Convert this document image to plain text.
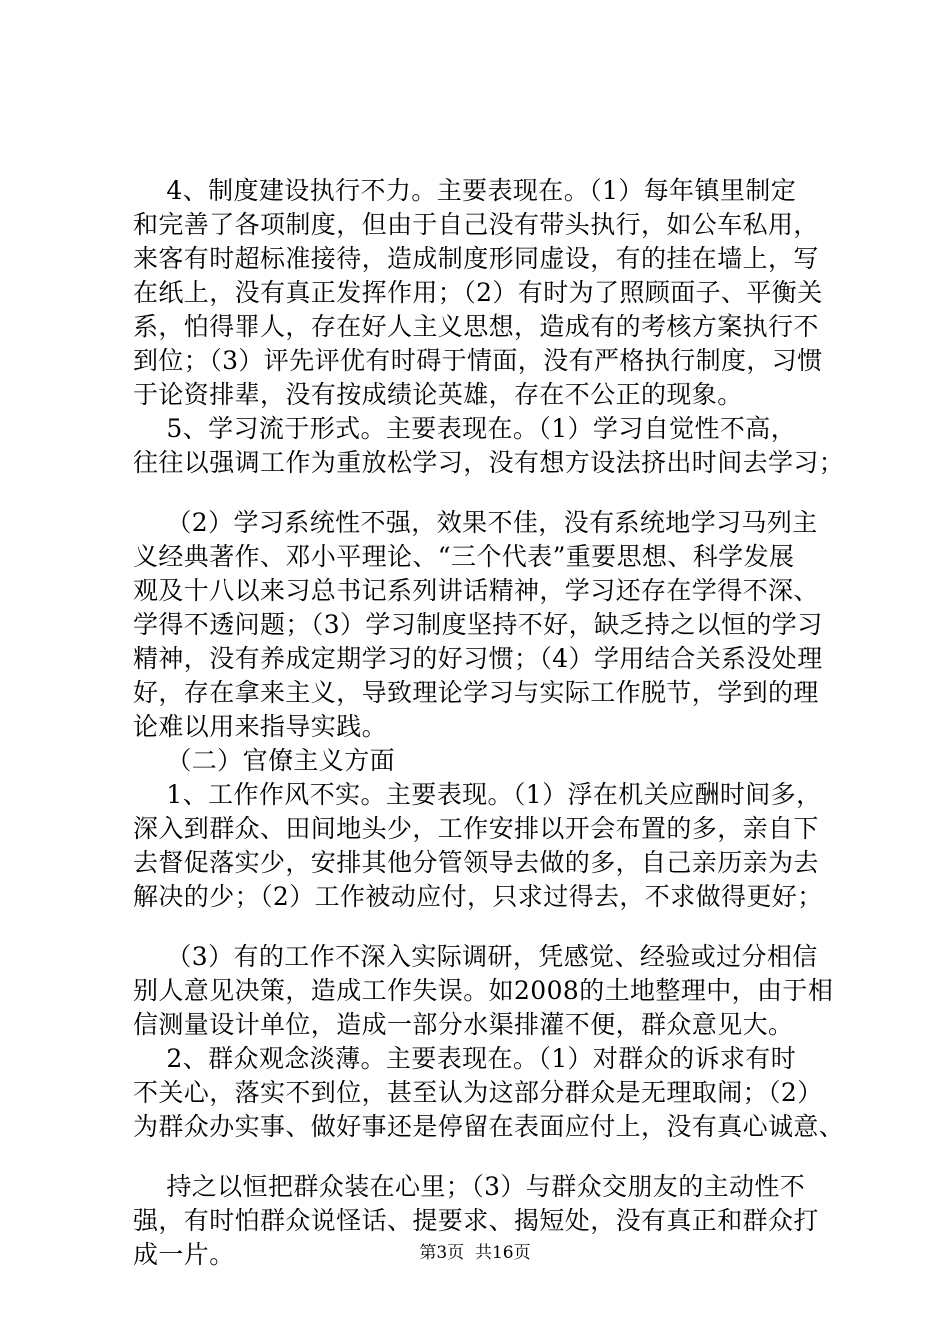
4、制度建设执行不力。主要表现在。（1）每年镇里制定
和完善了各项制度，但由于自己没有带头执行，如公车私用，
来客有时超标准接待，造成制度形同虚设，有的挂在墙上，写
在纸上，没有真正发挥作用；（2）有时为了照顾面子、平衡关
系，怕得罪人，存在好人主义思想，造成有的考核方案执行不
到位；（3）评先评优有时碍于情面，没有严格执行制度，习惯
于论资排辈，没有按成绩论英雄，存在不公正的现象。
5、学习流于形式。主要表现在。（1）学习自觉性不高，
往往以强调工作为重放松学习，没有想方设法挤出时间去学习；
（2）学习系统性不强，效果不佳，没有系统地学习马列主
义经典著作、邓小平理论、“三个代表”重要思想、科学发展
观及十八以来习总书记系列讲话精神，学习还存在学得不深、
学得不透问题；（3）学习制度坚持不好，缺乏持之以恒的学习
精神，没有养成定期学习的好习惯；（4）学用结合关系没处理
好，存在拿来主义，导致理论学习与实际工作脱节，学到的理
论难以用来指导实践。
（二）官僚主义方面
1、工作作风不实。主要表现。（1）浮在机关应酬时间多，
深入到群众、田间地头少，工作安排以开会布置的多，亲自下
去督促落实少，安排其他分管领导去做的多，自己亲历亲为去
解决的少；（2）工作被动应付，只求过得去，不求做得更好；
（3）有的工作不深入实际调研，凭感觉、经验或过分相信
别人意见决策，造成工作失误。如2008的土地整理中，由于相
信测量设计单位，造成一部分水渠排灌不便，群众意见大。
2、群众观念淡薄。主要表现在。（1）对群众的诉求有时
不关心，落实不到位，甚至认为这部分群众是无理取闹；（2）
为群众办实事、做好事还是停留在表面应付上，没有真心诚意、
持之以恒把群众装在心里；（3）与群众交朋友的主动性不
强，有时怕群众说怪话、提要求、揭短处，没有真正和群众打
成一片。	第3页  共16页
